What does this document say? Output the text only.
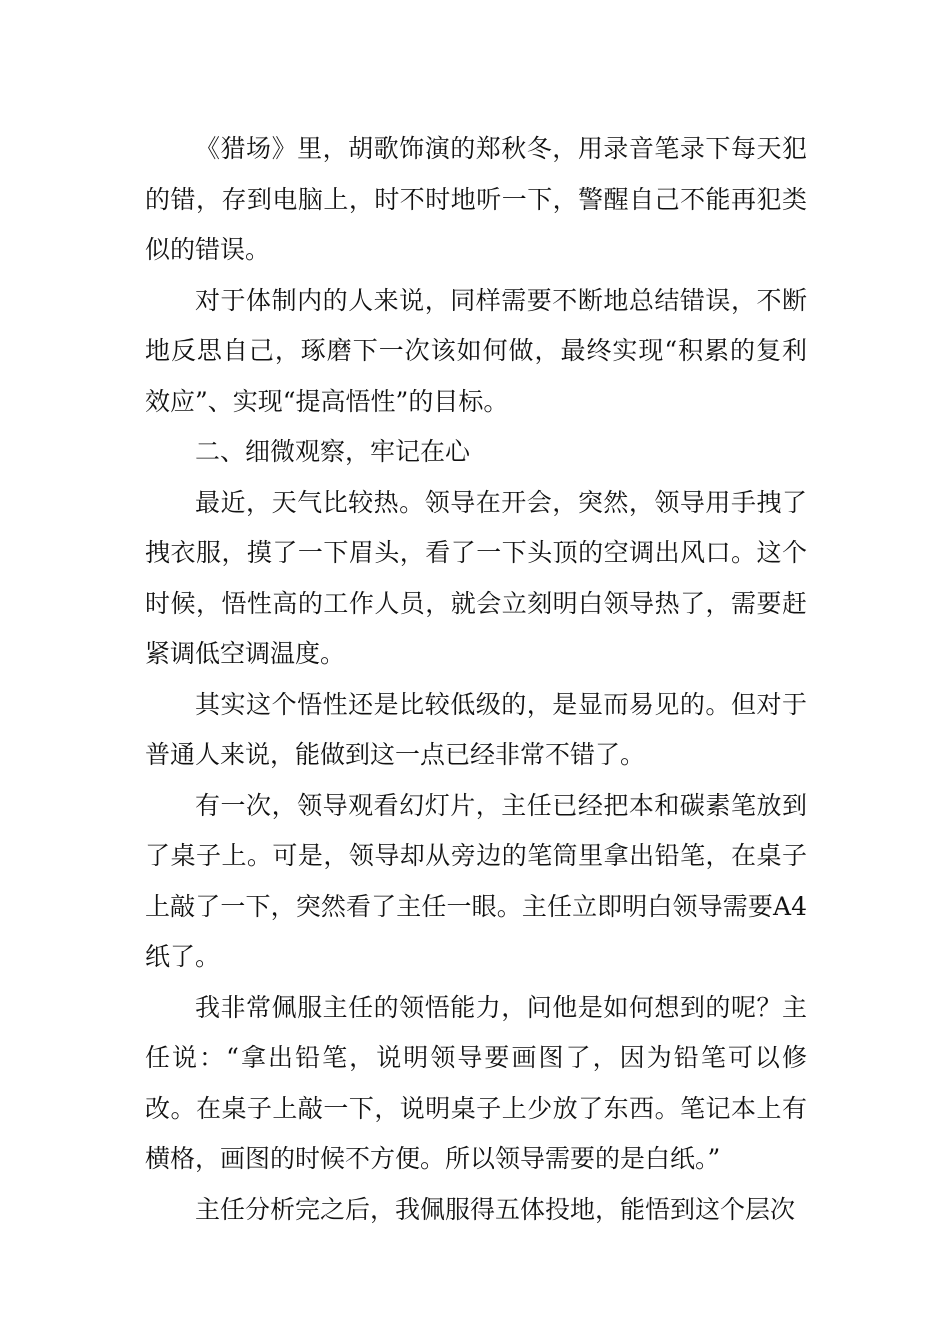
《猎场》里，胡歌饰演的郑秋冬，用录音笔录下每天犯的错，存到电脑上，时不时地听一下，警醒自己不能再犯类似的错误。

对于体制内的人来说，同样需要不断地总结错误，不断地反思自己，琢磨下一次该如何做，最终实现“积累的复利效应”、实现“提高悟性”的目标。

二、细微观察，牢记在心

最近，天气比较热。领导在开会，突然，领导用手拽了拽衣服，摸了一下眉头，看了一下头顶的空调出风口。这个时候，悟性高的工作人员，就会立刻明白领导热了，需要赶紧调低空调温度。

其实这个悟性还是比较低级的，是显而易见的。但对于普通人来说，能做到这一点已经非常不错了。

有一次，领导观看幻灯片，主任已经把本和碳素笔放到了桌子上。可是，领导却从旁边的笔筒里拿出铅笔，在桌子上敲了一下，突然看了主任一眼。主任立即明白领导需要A4纸了。

我非常佩服主任的领悟能力，问他是如何想到的呢？主任说：“拿出铅笔，说明领导要画图了，因为铅笔可以修改。在桌子上敲一下，说明桌子上少放了东西。笔记本上有横格，画图的时候不方便。所以领导需要的是白纸。”

主任分析完之后，我佩服得五体投地，能悟到这个层次
